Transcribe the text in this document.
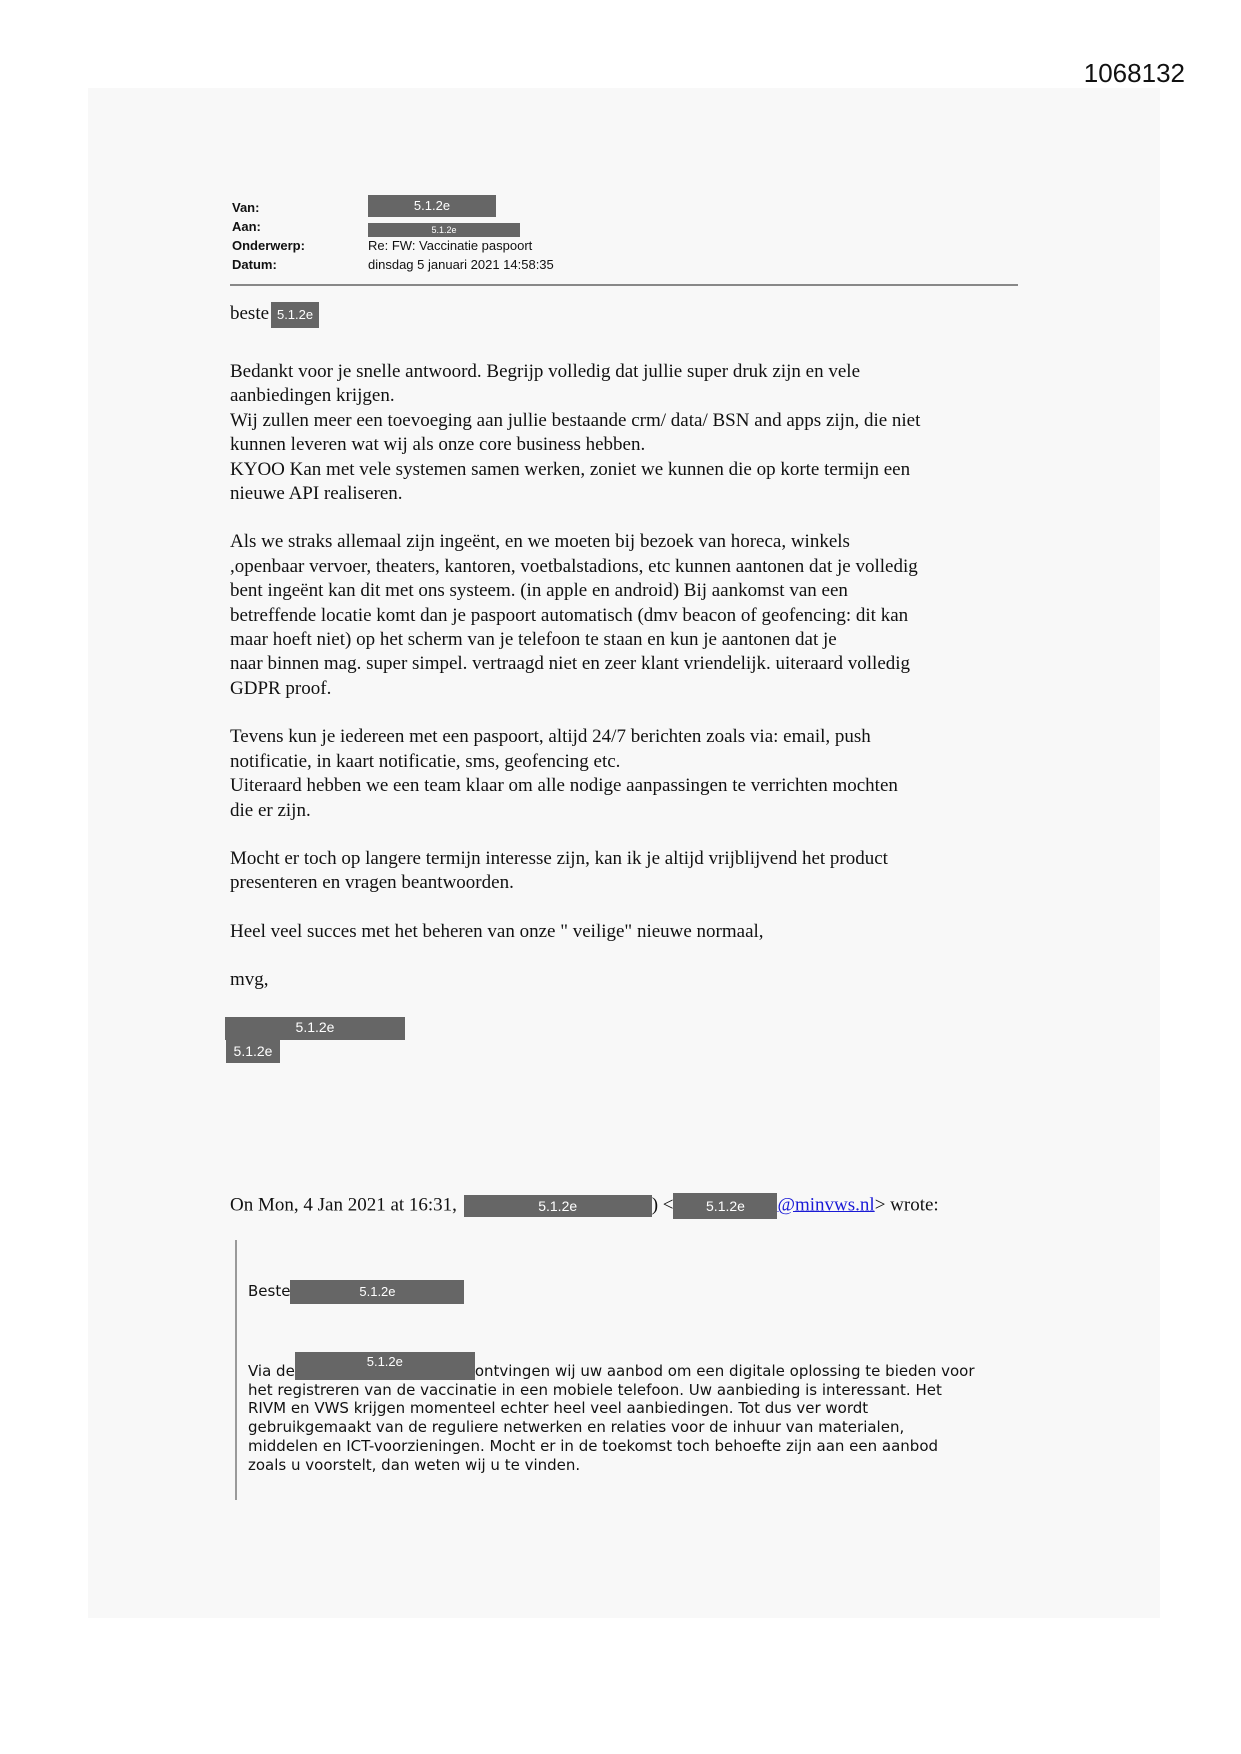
1068132
Van:	5.1.2e
Aan:	5.1.2e
Onderwerp:	Re: FW: Vaccinatie paspoort
Datum:	dinsdag 5 januari 2021 14:58:35
beste 5.1.2e

Bedankt voor je snelle antwoord. Begrijp volledig dat jullie super druk zijn en vele

aanbiedingen krijgen.

Wij zullen meer een toevoeging aan jullie bestaande crm/ data/ BSN and apps zijn, die niet

kunnen leveren wat wij als onze core business hebben.

KYOO Kan met vele systemen samen werken, zoniet we kunnen die op korte termijn een

nieuwe API realiseren.

Als we straks allemaal zijn ingeënt, en we moeten bij bezoek van horeca, winkels

,openbaar vervoer, theaters, kantoren, voetbalstadions, etc kunnen aantonen dat je volledig

bent ingeënt kan dit met ons systeem. (in apple en android) Bij aankomst van een

betreffende locatie komt dan je paspoort automatisch (dmv beacon of geofencing: dit kan

maar hoeft niet) op het scherm van je telefoon te staan en kun je aantonen dat je

naar binnen mag. super simpel. vertraagd niet en zeer klant vriendelijk. uiteraard volledig

GDPR proof.

Tevens kun je iedereen met een paspoort, altijd 24/7 berichten zoals via: email, push

notificatie, in kaart notificatie, sms, geofencing etc.

Uiteraard hebben we een team klaar om alle nodige aanpassingen te verrichten mochten

die er zijn.

Mocht er toch op langere termijn interesse zijn, kan ik je altijd vrijblijvend het product

presenteren en vragen beantwoorden.

Heel veel succes met het beheren van onze " veilige" nieuwe normaal,

mvg,

5.1.2e
5.1.2e
On Mon, 4 Jan 2021 at 16:31,	5.1.2e	) < 5.1.2e @minvws.nl> wrote:

Beste	5.1.2e

Via de5.1.2eontvingen wij uw aanbod om een digitale oplossing te bieden voor

het registreren van de vaccinatie in een mobiele telefoon. Uw aanbieding is interessant. Het

RIVM en VWS krijgen momenteel echter heel veel aanbiedingen. Tot dus ver wordt

gebruikgemaakt van de reguliere netwerken en relaties voor de inhuur van materialen,

middelen en ICT-voorzieningen. Mocht er in de toekomst toch behoefte zijn aan een aanbod

zoals u voorstelt, dan weten wij u te vinden.
